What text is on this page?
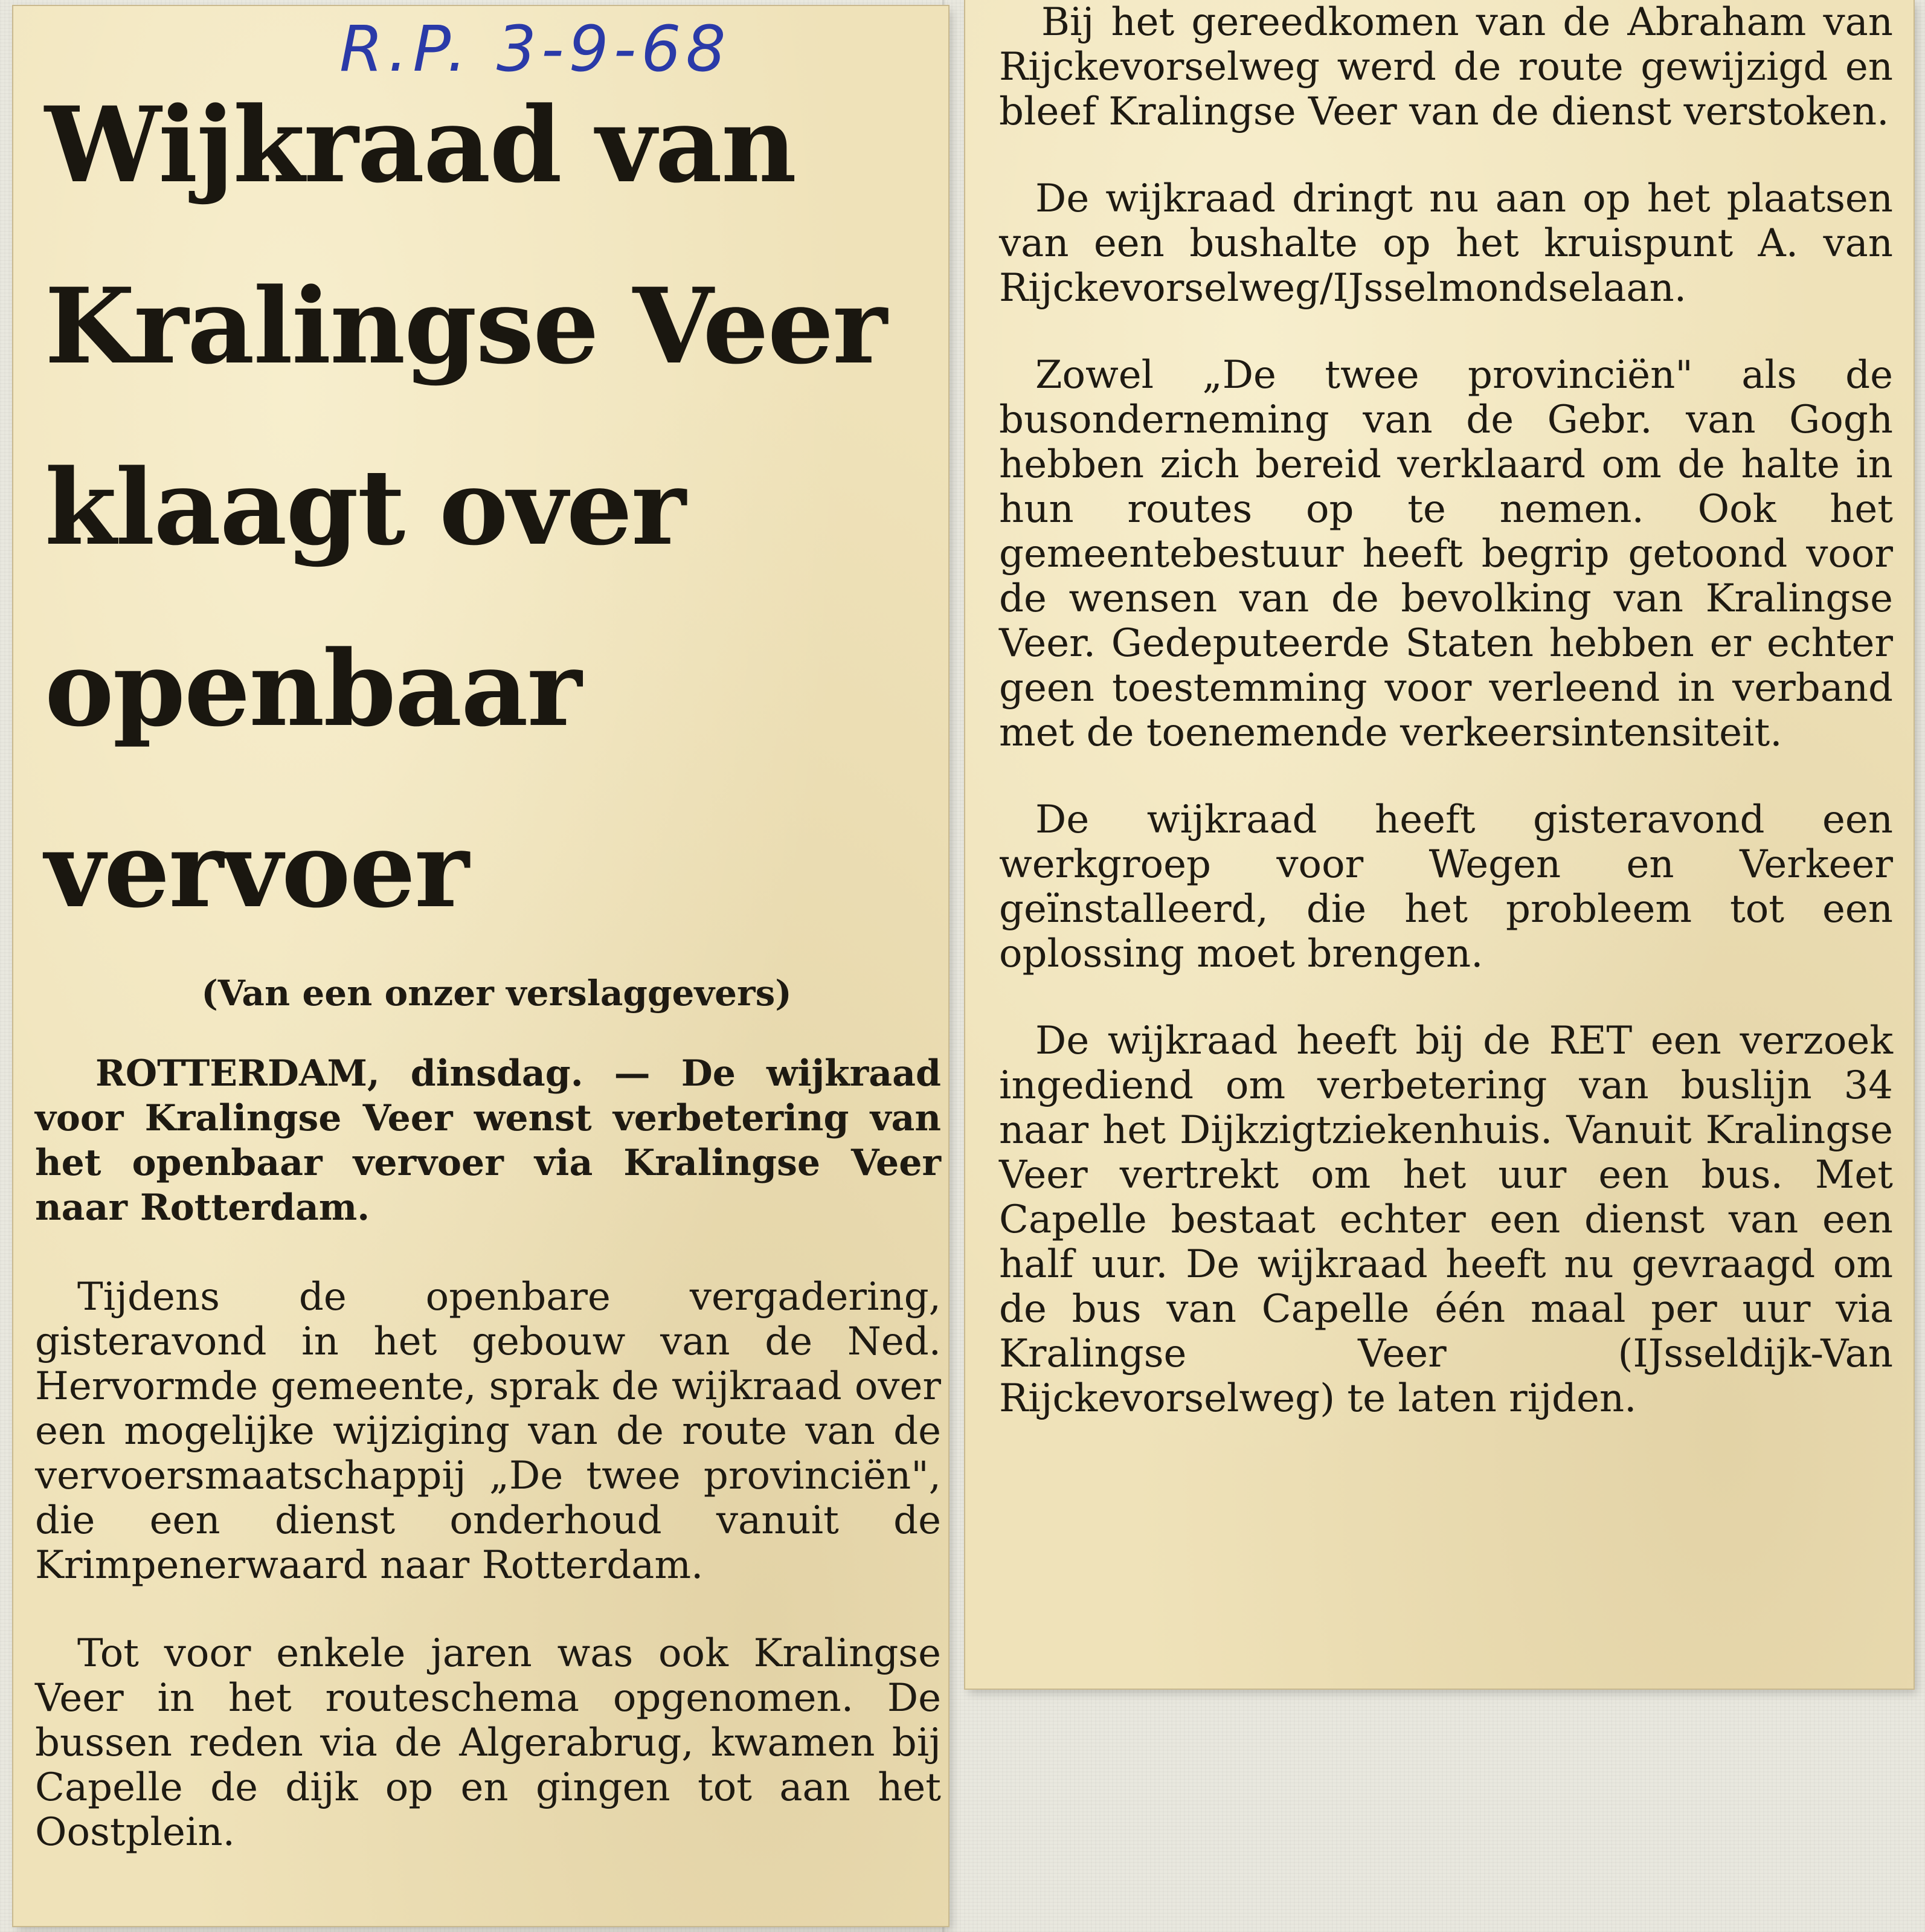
R.P. 3-9-68
Wijkraad van
Kralingse Veer
klaagt over
openbaar
vervoer
(Van een onzer verslaggevers)

ROTTERDAM, dinsdag. — De wijkraad voor Kralingse Veer wenst verbetering van het openbaar vervoer via Kralingse Veer naar Rotterdam.

Tijdens de openbare vergadering, gisteravond in het gebouw van de Ned. Hervormde gemeente, sprak de wijkraad over een mogelijke wijziging van de route van de vervoersmaatschappij „De twee provinciën", die een dienst onderhoud vanuit de Krimpenerwaard naar Rotterdam.

Tot voor enkele jaren was ook Kralingse Veer in het routeschema opgenomen. De bussen reden via de Algerabrug, kwamen bij Capelle de dijk op en gingen tot aan het Oostplein.

Bij het gereedkomen van de Abraham van Rijckevorselweg werd de route gewijzigd en bleef Kralingse Veer van de dienst verstoken.

De wijkraad dringt nu aan op het plaatsen van een bushalte op het kruispunt A. van Rijckevorselweg/IJsselmondselaan.

Zowel „De twee provinciën" als de busonderneming van de Gebr. van Gogh hebben zich bereid verklaard om de halte in hun routes op te nemen. Ook het gemeentebestuur heeft begrip getoond voor de wensen van de bevolking van Kralingse Veer. Gedeputeerde Staten hebben er echter geen toestemming voor verleend in verband met de toenemende verkeersintensiteit.

De wijkraad heeft gisteravond een werkgroep voor Wegen en Verkeer geïnstalleerd, die het probleem tot een oplossing moet brengen.

De wijkraad heeft bij de RET een verzoek ingediend om verbetering van buslijn 34 naar het Dijkzigtziekenhuis. Vanuit Kralingse Veer vertrekt om het uur een bus. Met Capelle bestaat echter een dienst van een half uur. De wijkraad heeft nu gevraagd om de bus van Capelle één maal per uur via Kralingse Veer (IJsseldijk-Van Rijckevorselweg) te laten rijden.
